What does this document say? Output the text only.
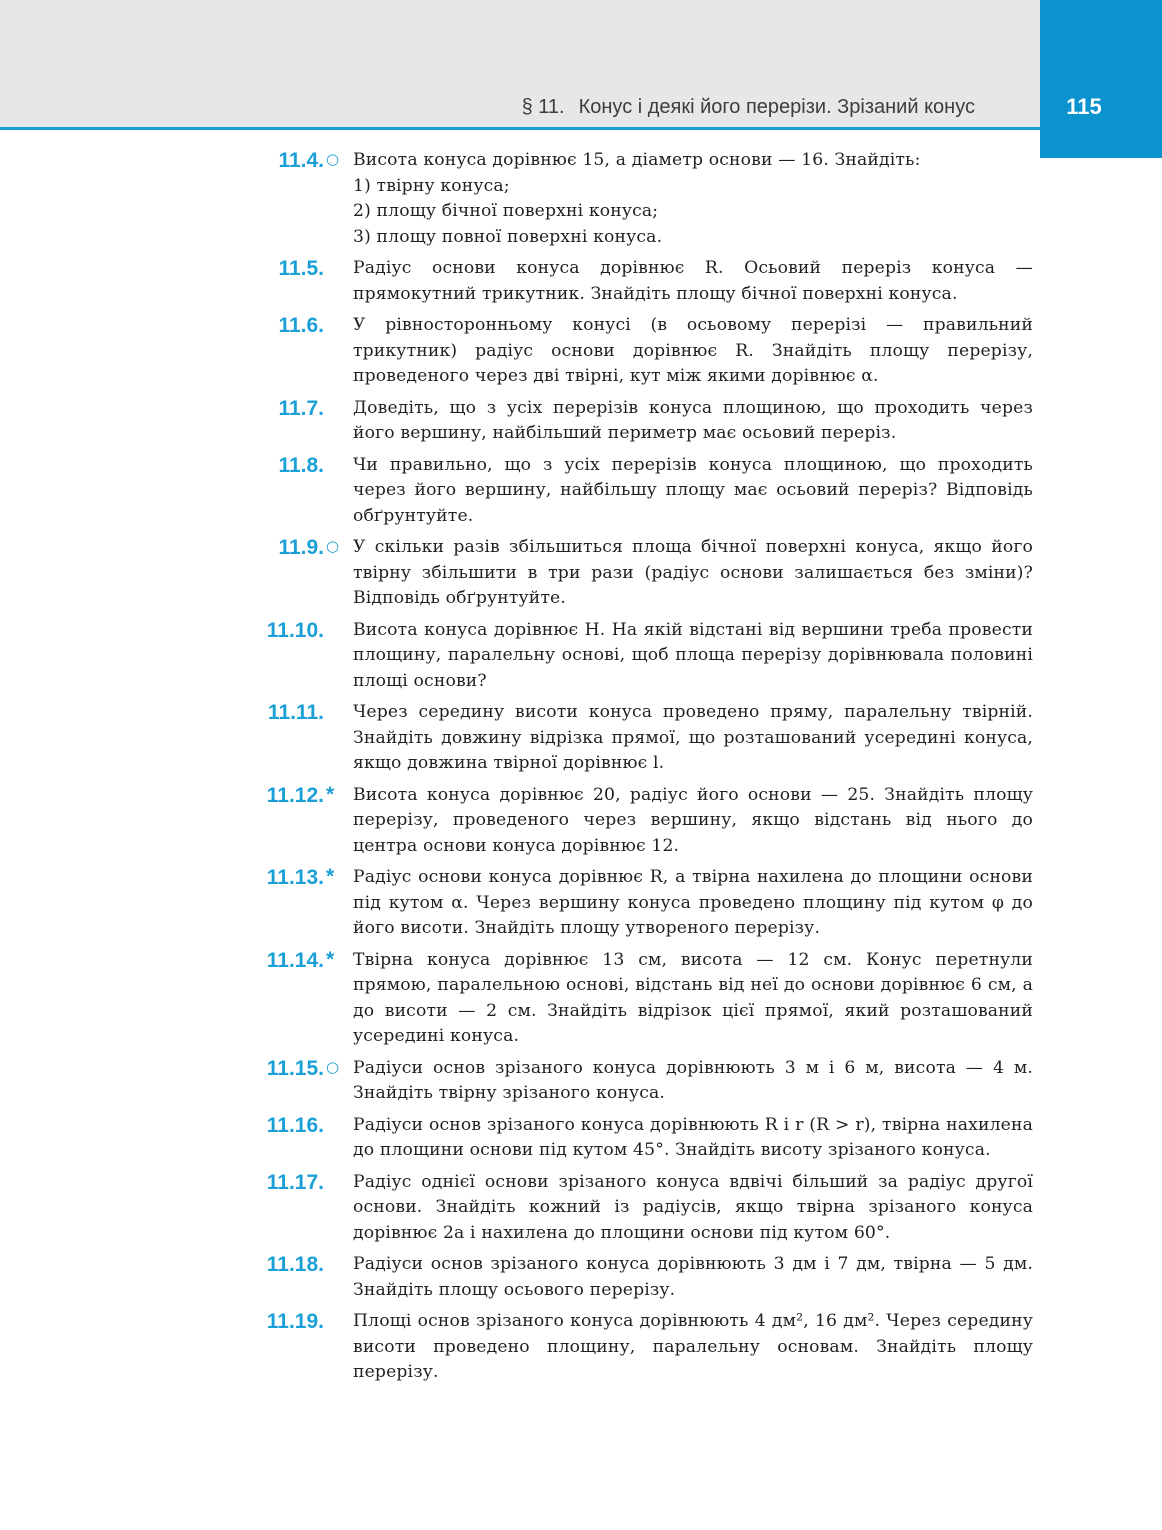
§ 11. Конус і деякі його перерізи. Зрізаний конус	115
11.4. ○ Висота конуса дорівнює 15, а діаметр основи — 16. Знайдіть:
1) твірну конуса;
2) площу бічної поверхні конуса;
3) площу повної поверхні конуса.
11.5. Радіус основи конуса дорівнює R. Осьовий переріз конуса — прямокутний трикутник. Знайдіть площу бічної поверхні конуса.
11.6. У рівносторонньому конусі (в осьовому перерізі — правильний трикутник) радіус основи дорівнює R. Знайдіть площу перерізу, проведеного через дві твірні, кут між якими дорівнює α.
11.7. Доведіть, що з усіх перерізів конуса площиною, що проходить через його вершину, найбільший периметр має осьовий переріз.
11.8. Чи правильно, що з усіх перерізів конуса площиною, що проходить через його вершину, найбільшу площу має осьовий переріз? Відповідь обґрунтуйте.
11.9. ○ У скільки разів збільшиться площа бічної поверхні конуса, якщо його твірну збільшити в три рази (радіус основи залишається без зміни)? Відповідь обґрунтуйте.
11.10. Висота конуса дорівнює H. На якій відстані від вершини треба провести площину, паралельну основі, щоб площа перерізу дорівнювала половині площі основи?
11.11. Через середину висоти конуса проведено пряму, паралельну твірній. Знайдіть довжину відрізка прямої, що розташований усередині конуса, якщо довжина твірної дорівнює l.
11.12. * Висота конуса дорівнює 20, радіус його основи — 25. Знайдіть площу перерізу, проведеного через вершину, якщо відстань від нього до центра основи конуса дорівнює 12.
11.13. * Радіус основи конуса дорівнює R, а твірна нахилена до площини основи під кутом α. Через вершину конуса проведено площину під кутом φ до його висоти. Знайдіть площу утвореного перерізу.
11.14. * Твірна конуса дорівнює 13 см, висота — 12 см. Конус перетнули прямою, паралельною основі, відстань від неї до основи дорівнює 6 см, а до висоти — 2 см. Знайдіть відрізок цієї прямої, який розташований усередині конуса.
11.15. ○ Радіуси основ зрізаного конуса дорівнюють 3 м і 6 м, висота — 4 м. Знайдіть твірну зрізаного конуса.
11.16. Радіуси основ зрізаного конуса дорівнюють R і r (R > r), твірна нахилена до площини основи під кутом 45°. Знайдіть висоту зрізаного конуса.
11.17. Радіус однієї основи зрізаного конуса вдвічі більший за радіус другої основи. Знайдіть кожний із радіусів, якщо твірна зрізаного конуса дорівнює 2a і нахилена до площини основи під кутом 60°.
11.18. Радіуси основ зрізаного конуса дорівнюють 3 дм і 7 дм, твірна — 5 дм. Знайдіть площу осьового перерізу.
11.19. Площі основ зрізаного конуса дорівнюють 4 дм², 16 дм². Через середину висоти проведено площину, паралельну основам. Знайдіть площу перерізу.
